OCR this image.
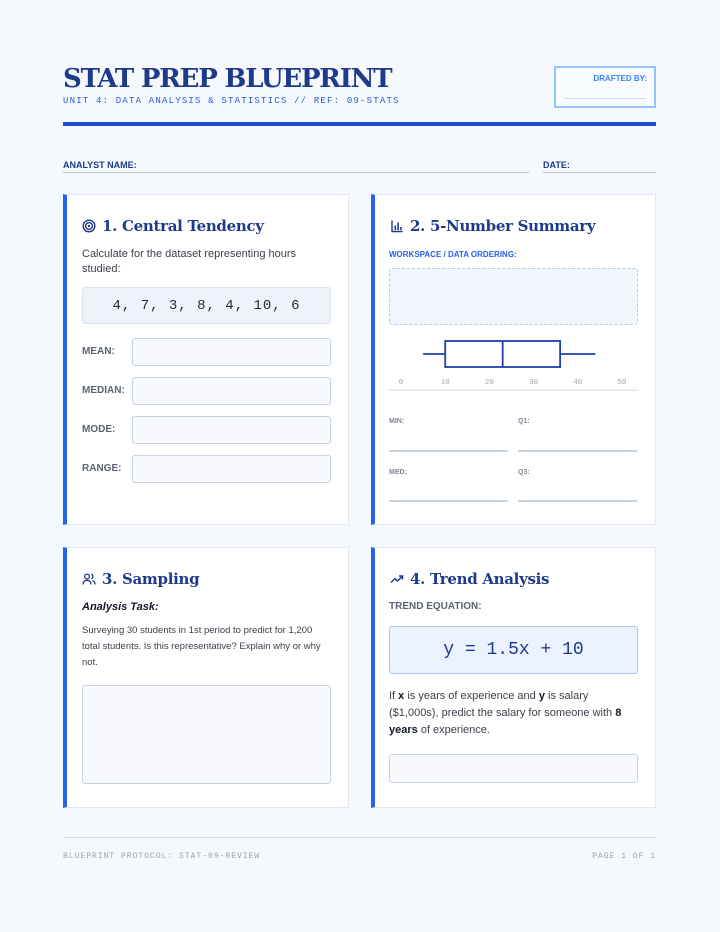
STAT PREP BLUEPRINT
UNIT 4: DATA ANALYSIS & STATISTICS // REF: 09-STATS
DRAFTED BY:
ANALYST NAME:	DATE:
1. Central Tendency
Calculate for the dataset representing hours studied:
4, 7, 3, 8, 4, 10, 6
MEAN:
MEDIAN:
MODE:
RANGE:
2. 5-Number Summary
WORKSPACE / DATA ORDERING:
0	10	20	30	40	50
MIN:	Q1:
MED:	Q3:
3. Sampling
Analysis Task:
Surveying 30 students in 1st period to predict for 1,200 total students. Is this representative? Explain why or why not.
4. Trend Analysis
TREND EQUATION:
y = 1.5x + 10
If x is years of experience and y is salary ($1,000s), predict the salary for someone with 8 years of experience.
BLUEPRINT PROTOCOL: STAT-09-REVIEW	PAGE 1 OF 1
